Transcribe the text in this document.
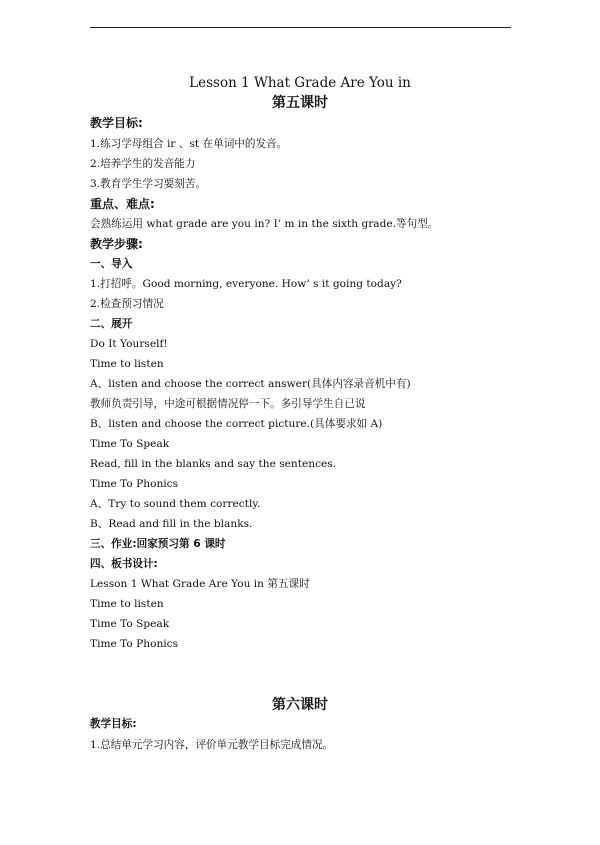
Lesson 1 What Grade Are You in
第五课时
教学目标:
1.练习学母组合 ir 、st 在单词中的发音。
2.培养学生的发音能力
3.教育学生学习要刻苦。
重点、难点:
会熟练运用 what grade are you in? I’ m in the sixth grade.等句型。
教学步骤:
一、导入
1.打招呼。Good morning, everyone. How’ s it going today?
2.检查预习情况
二、展开
Do It Yourself!
Time to listen
A、listen and choose the correct answer(具体内容录音机中有)
教师负责引导，中途可根据情况停一下。多引导学生自已说
B、listen and choose the correct picture.(具体要求如 A)
Time To Speak
Read, fill in the blanks and say the sentences.
Time To Phonics
A、Try to sound them correctly.
B、Read and fill in the blanks.
三、作业:回家预习第 6 课时
四、板书设计:
Lesson 1 What Grade Are You in 第五课时
Time to listen
Time To Speak
Time To Phonics
第六课时
教学目标:
1.总结单元学习内容，评价单元教学目标完成情况。
